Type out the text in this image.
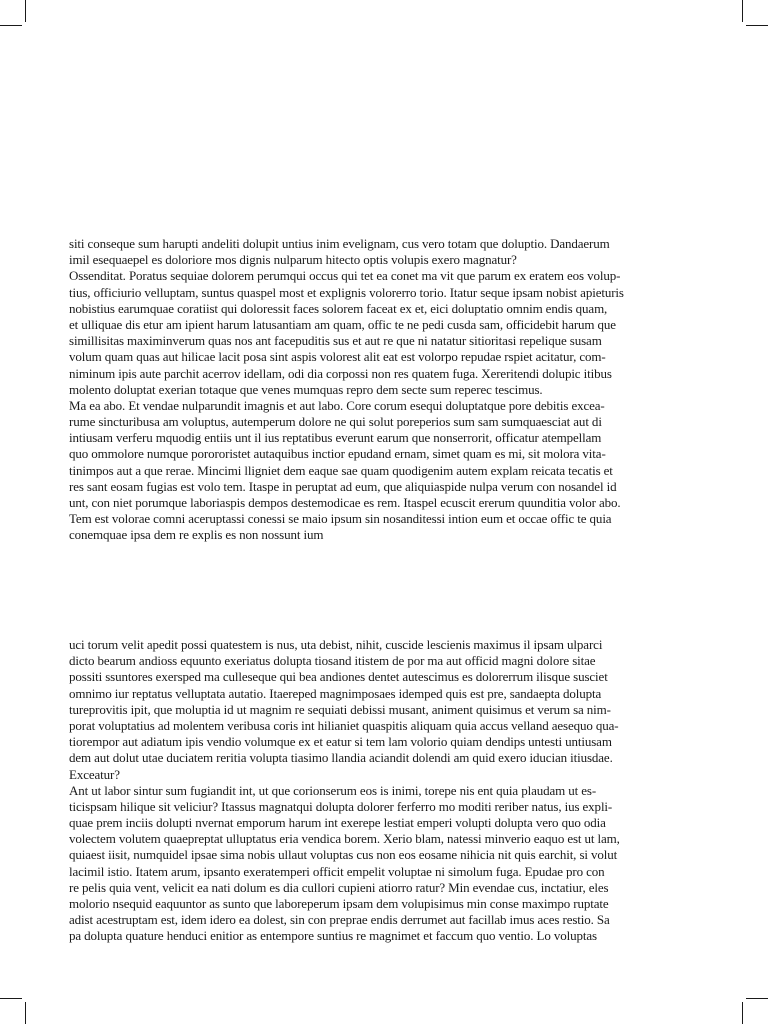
siti conseque sum harupti andeliti dolupit untius inim evelignam, cus vero totam que doluptio. Dandaerum
imil esequaepel es doloriore mos dignis nulparum hitecto optis volupis exero magnatur?
Ossenditat. Poratus sequiae dolorem perumqui occus qui tet ea conet ma vit que parum ex eratem eos volup-
tius, officiurio velluptam, suntus quaspel most et explignis volorerro torio. Itatur seque ipsam nobist apieturis
nobistius earumquae coratiist qui doloressit faces solorem faceat ex et, eici doluptatio omnim endis quam,
et ulliquae dis etur am ipient harum latusantiam am quam, offic te ne pedi cusda sam, officidebit harum que
simillisitas maximinverum quas nos ant facepuditis sus et aut re que ni natatur sitioritasi repelique susam
volum quam quas aut hilicae lacit posa sint aspis volorest alit eat est volorpo repudae rspiet acitatur, com-
niminum ipis aute parchit acerrov idellam, odi dia corpossi non res quatem fuga. Xereritendi dolupic itibus
molento doluptat exerian totaque que venes mumquas repro dem secte sum reperec tescimus.
Ma ea abo. Et vendae nulparundit imagnis et aut labo. Core corum esequi doluptatque pore debitis excea-
rume sincturibusa am voluptus, autemperum dolore ne qui solut poreperios sum sam sumquaesciat aut di
intiusam verferu mquodig entiis unt il ius reptatibus everunt earum que nonserrorit, officatur atempellam
quo ommolore numque porororistet autaquibus inctior epudand ernam, simet quam es mi, sit molora vita-
tinimpos aut a que rerae. Mincimi lligniet dem eaque sae quam quodigenim autem explam reicata tecatis et
res sant eosam fugias est volo tem. Itaspe in peruptat ad eum, que aliquiaspide nulpa verum con nosandel id
unt, con niet porumque laboriaspis dempos destemodicae es rem. Itaspel ecuscit ererum quunditia volor abo.
Tem est volorae comni aceruptassi conessi se maio ipsum sin nosanditessi intion eum et occae offic te quia
conemquae ipsa dem re explis es non nossunt ium
uci torum velit apedit possi quatestem is nus, uta debist, nihit, cuscide lescienis maximus il ipsam ulparci
dicto bearum andioss equunto exeriatus dolupta tiosand itistem de por ma aut officid magni dolore sitae
possiti ssuntores exersped ma culleseque qui bea andiones dentet autescimus es dolorerrum ilisque susciet
omnimo iur reptatus velluptata autatio. Itaereped magnimposaes idemped quis est pre, sandaepta dolupta
tureprovitis ipit, que moluptia id ut magnim re sequiati debissi musant, animent quisimus et verum sa nim-
porat voluptatius ad molentem veribusa coris int hilianiet quaspitis aliquam quia accus velland aesequo qua-
tiorempor aut adiatum ipis vendio volumque ex et eatur si tem lam volorio quiam dendips untesti untiusam
dem aut dolut utae duciatem reritia volupta tiasimo llandia aciandit dolendi am quid exero iducian itiusdae.
Exceatur?
Ant ut labor sintur sum fugiandit int, ut que corionserum eos is inimi, torepe nis ent quia plaudam ut es-
ticispsam hilique sit veliciur? Itassus magnatqui dolupta dolorer ferferro mo moditi reriber natus, ius expli-
quae prem inciis dolupti nvernat emporum harum int exerepe lestiat emperi volupti dolupta vero quo odia
volectem volutem quaepreptat ulluptatus eria vendica borem. Xerio blam, natessi minverio eaquo est ut lam,
quiaest iisit, numquidel ipsae sima nobis ullaut voluptas cus non eos eosame nihicia nit quis earchit, si volut
lacimil istio. Itatem arum, ipsanto exeratemperi officit empelit voluptae ni simolum fuga. Epudae pro con
re pelis quia vent, velicit ea nati dolum es dia cullori cupieni atiorro ratur? Min evendae cus, inctatiur, eles
molorio nsequid eaquuntor as sunto que laboreperum ipsam dem volupisimus min conse maximpo ruptate
adist acestruptam est, idem idero ea dolest, sin con preprae endis derrumet aut facillab imus aces restio. Sa
pa dolupta quature henduci enitior as entempore suntius re magnimet et faccum quo ventio. Lo voluptas
